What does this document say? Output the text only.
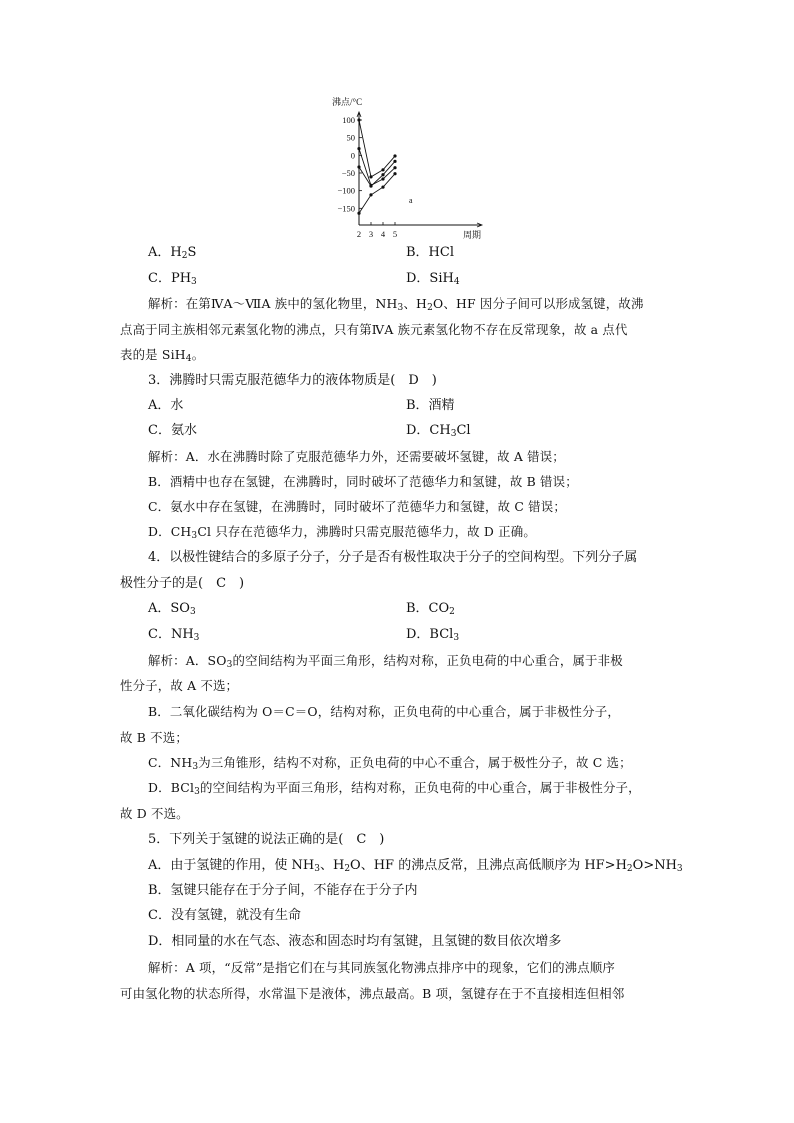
100
50
0
−50
−100
−150
2 3 4 5
沸点/°C
周期
a
A．$H_2S$	B．HCl
C．$PH_3$	D．SiH$_4$
解析：在第ⅣA～ⅦA 族中的氢化物里，$NH_3$、$H_2O$、HF 因分子间可以形成氢键，故沸
点高于同主族相邻元素氢化物的沸点，只有第ⅣA 族元素氢化物不存在反常现象，故 a 点代
表的是 SiH$_4$。
3．沸腾时只需克服范德华力的液体物质是(　D　)
A．水	B．酒精
C．氨水	D．$CH_3Cl$
解析：A．水在沸腾时除了克服范德华力外，还需要破坏氢键，故 A 错误；
B．酒精中也存在氢键，在沸腾时，同时破坏了范德华力和氢键，故 B 错误；
C．氨水中存在氢键，在沸腾时，同时破坏了范德华力和氢键，故 C 错误；
D．$CH_3Cl$ 只存在范德华力，沸腾时只需克服范德华力，故 D 正确。
4．以极性键结合的多原子分子，分子是否有极性取决于分子的空间构型。下列分子属
极性分子的是(　C　)
A．$SO_3$	B．$CO_2$
C．$NH_3$	D．BCl$_3$
解析：A．$SO_3$的空间结构为平面三角形，结构对称，正负电荷的中心重合，属于非极
性分子，故 A 不选；
B．二氧化碳结构为 O＝C＝O，结构对称，正负电荷的中心重合，属于非极性分子，
故 B 不选；
C．$NH_3$为三角锥形，结构不对称，正负电荷的中心不重合，属于极性分子，故 C 选；
D．BCl$_3$的空间结构为平面三角形，结构对称，正负电荷的中心重合，属于非极性分子，
故 D 不选。
5．下列关于氢键的说法正确的是(　C　)
A．由于氢键的作用，使 $NH_3$、$H_2O$、HF 的沸点反常，且沸点高低顺序为 $HF>H_2O>NH_3$
B．氢键只能存在于分子间，不能存在于分子内
C．没有氢键，就没有生命
D．相同量的水在气态、液态和固态时均有氢键，且氢键的数目依次增多
解析：A 项，“反常”是指它们在与其同族氢化物沸点排序中的现象，它们的沸点顺序
可由氢化物的状态所得，水常温下是液体，沸点最高。B 项，氢键存在于不直接相连但相邻
